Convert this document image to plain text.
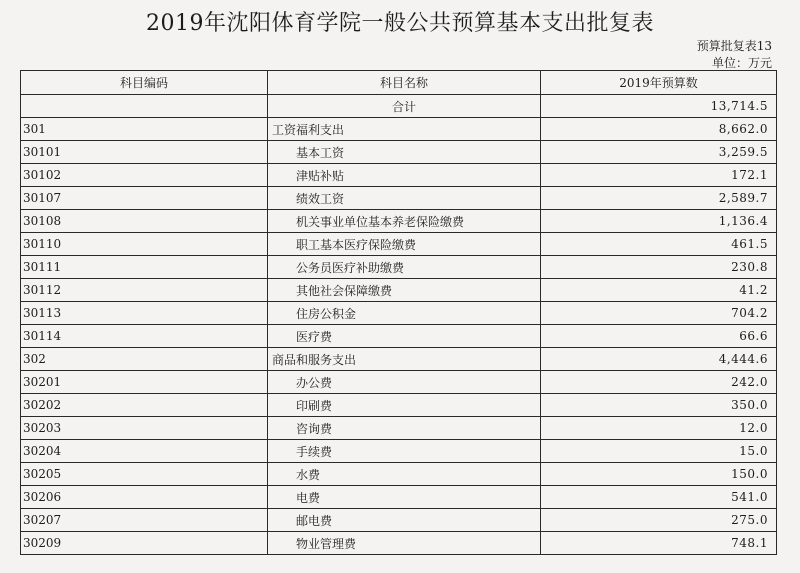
2019年沈阳体育学院一般公共预算基本支出批复表
预算批复表13
单位：万元
科目编码	科目名称	2019年预算数
	合计	13,714.5
301	工资福利支出	8,662.0
30101	基本工资	3,259.5
30102	津贴补贴	172.1
30107	绩效工资	2,589.7
30108	机关事业单位基本养老保险缴费	1,136.4
30110	职工基本医疗保险缴费	461.5
30111	公务员医疗补助缴费	230.8
30112	其他社会保障缴费	41.2
30113	住房公积金	704.2
30114	医疗费	66.6
302	商品和服务支出	4,444.6
30201	办公费	242.0
30202	印刷费	350.0
30203	咨询费	12.0
30204	手续费	15.0
30205	水费	150.0
30206	电费	541.0
30207	邮电费	275.0
30209	物业管理费	748.1
